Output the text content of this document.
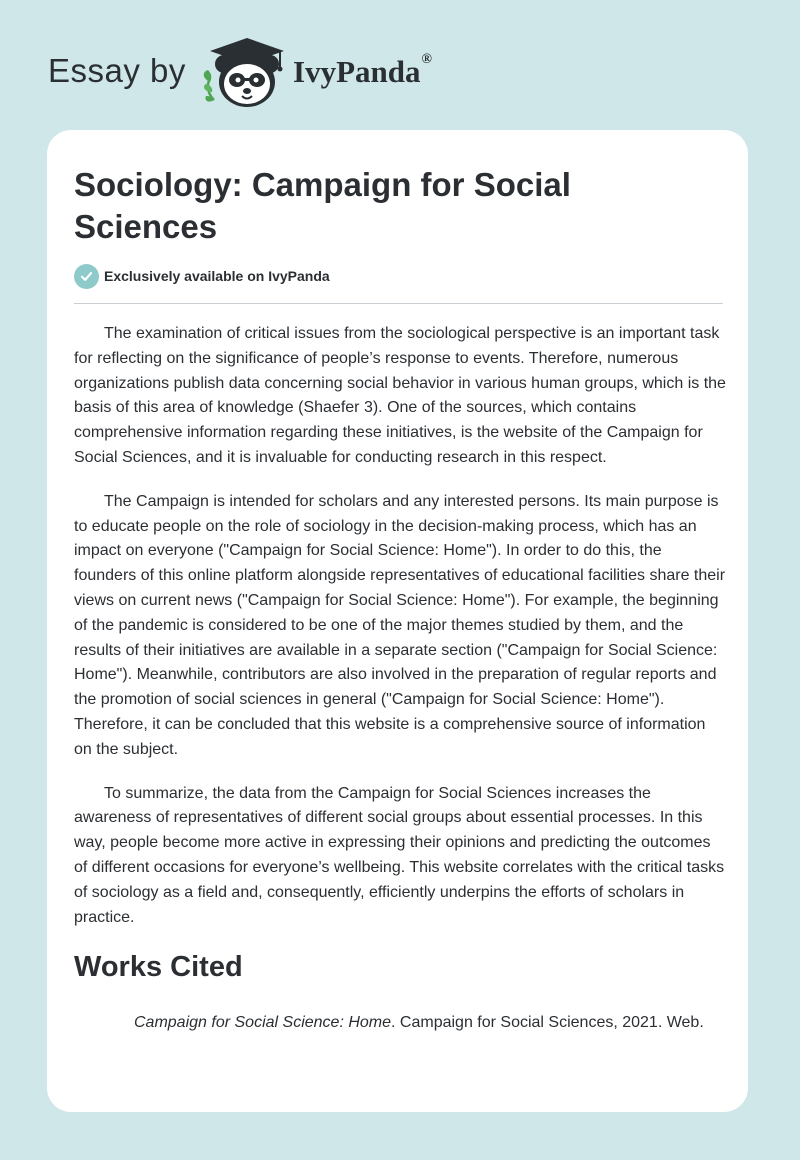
Essay by	IvyPanda®
Sociology: Campaign for Social Sciences
Exclusively available on IvyPanda

The examination of critical issues from the sociological perspective is an important task for reflecting on the significance of people’s response to events. Therefore, numerous organizations publish data concerning social behavior in various human groups, which is the basis of this area of knowledge (Shaefer 3). One of the sources, which contains comprehensive information regarding these initiatives, is the website of the Campaign for Social Sciences, and it is invaluable for conducting research in this respect.

The Campaign is intended for scholars and any interested persons. Its main purpose is to educate people on the role of sociology in the decision-making process, which has an impact on everyone ("Campaign for Social Science: Home"). In order to do this, the founders of this online platform alongside representatives of educational facilities share their views on current news ("Campaign for Social Science: Home"). For example, the beginning of the pandemic is considered to be one of the major themes studied by them, and the results of their initiatives are available in a separate section ("Campaign for Social Science: Home"). Meanwhile, contributors are also involved in the preparation of regular reports and the promotion of social sciences in general ("Campaign for Social Science: Home"). Therefore, it can be concluded that this website is a comprehensive source of information on the subject.

To summarize, the data from the Campaign for Social Sciences increases the awareness of representatives of different social groups about essential processes. In this way, people become more active in expressing their opinions and predicting the outcomes of different occasions for everyone’s wellbeing. This website correlates with the critical tasks of sociology as a field and, consequently, efficiently underpins the efforts of scholars in practice.

Works Cited

Campaign for Social Science: Home. Campaign for Social Sciences, 2021. Web.
